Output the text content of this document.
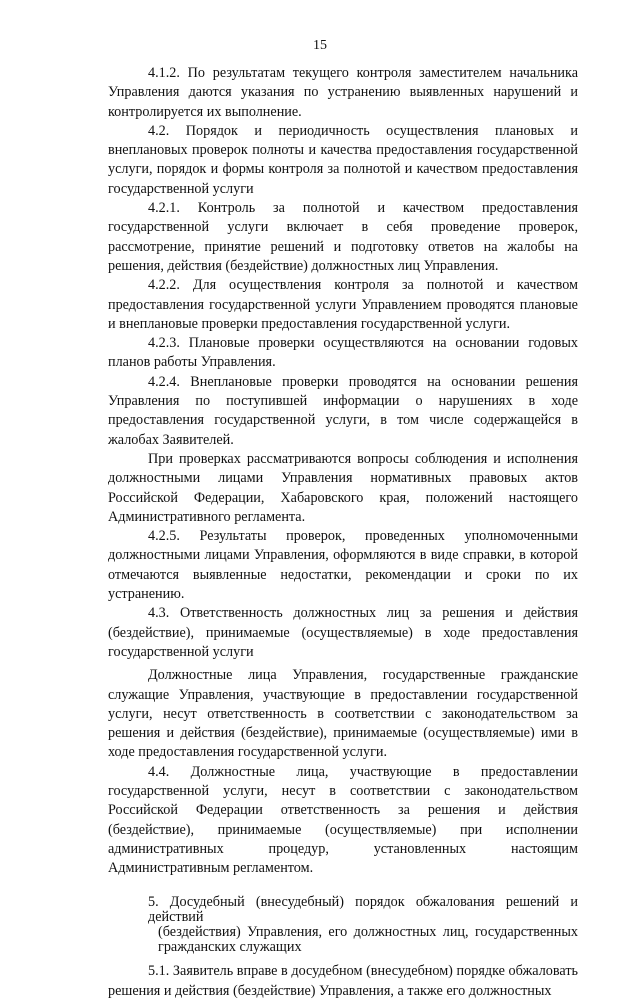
15

4.1.2. По результатам текущего контроля заместителем начальника Управления даются указания по устранению выявленных нарушений и контролируется их выполнение.

4.2. Порядок и периодичность осуществления плановых и внеплановых проверок полноты и качества предоставления государственной услуги, порядок и формы контроля за полнотой и качеством предоставления государственной услуги

4.2.1. Контроль за полнотой и качеством предоставления государственной услуги включает в себя проведение проверок, рассмотрение, принятие решений и подготовку ответов на жалобы на решения, действия (бездействие) должностных лиц Управления.

4.2.2. Для осуществления контроля за полнотой и качеством предоставления государственной услуги Управлением проводятся плановые и внеплановые проверки предоставления государственной услуги.

4.2.3. Плановые проверки осуществляются на основании годовых планов работы Управления.

4.2.4. Внеплановые проверки проводятся на основании решения Управления по поступившей информации о нарушениях в ходе предоставления государственной услуги, в том числе содержащейся в жалобах Заявителей.

При проверках рассматриваются вопросы соблюдения и исполнения должностными лицами Управления нормативных правовых актов Российской Федерации, Хабаровского края, положений настоящего Административного регламента.

4.2.5. Результаты проверок, проведенных уполномоченными должностными лицами Управления, оформляются в виде справки, в которой отмечаются выявленные недостатки, рекомендации и сроки по их устранению.

4.3. Ответственность должностных лиц за решения и действия (бездействие), принимаемые (осуществляемые) в ходе предоставления государственной услуги

Должностные лица Управления, государственные гражданские служащие Управления, участвующие в предоставлении государственной услуги, несут ответственность в соответствии с законодательством за решения и действия (бездействие), принимаемые (осуществляемые) ими в ходе предоставления государственной услуги.

4.4. Должностные лица, участвующие в предоставлении государственной услуги, несут в соответствии с законодательством Российской Федерации ответственность за решения и действия (бездействие), принимаемые (осуществляемые) при исполнении административных процедур, установленных настоящим Административным регламентом.

5. Досудебный (внесудебный) порядок обжалования решений и действий
(бездействия) Управления, его должностных лиц, государственных гражданских служащих

5.1. Заявитель вправе в досудебном (внесудебном) порядке обжаловать решения и действия (бездействие) Управления, а также его должностных
